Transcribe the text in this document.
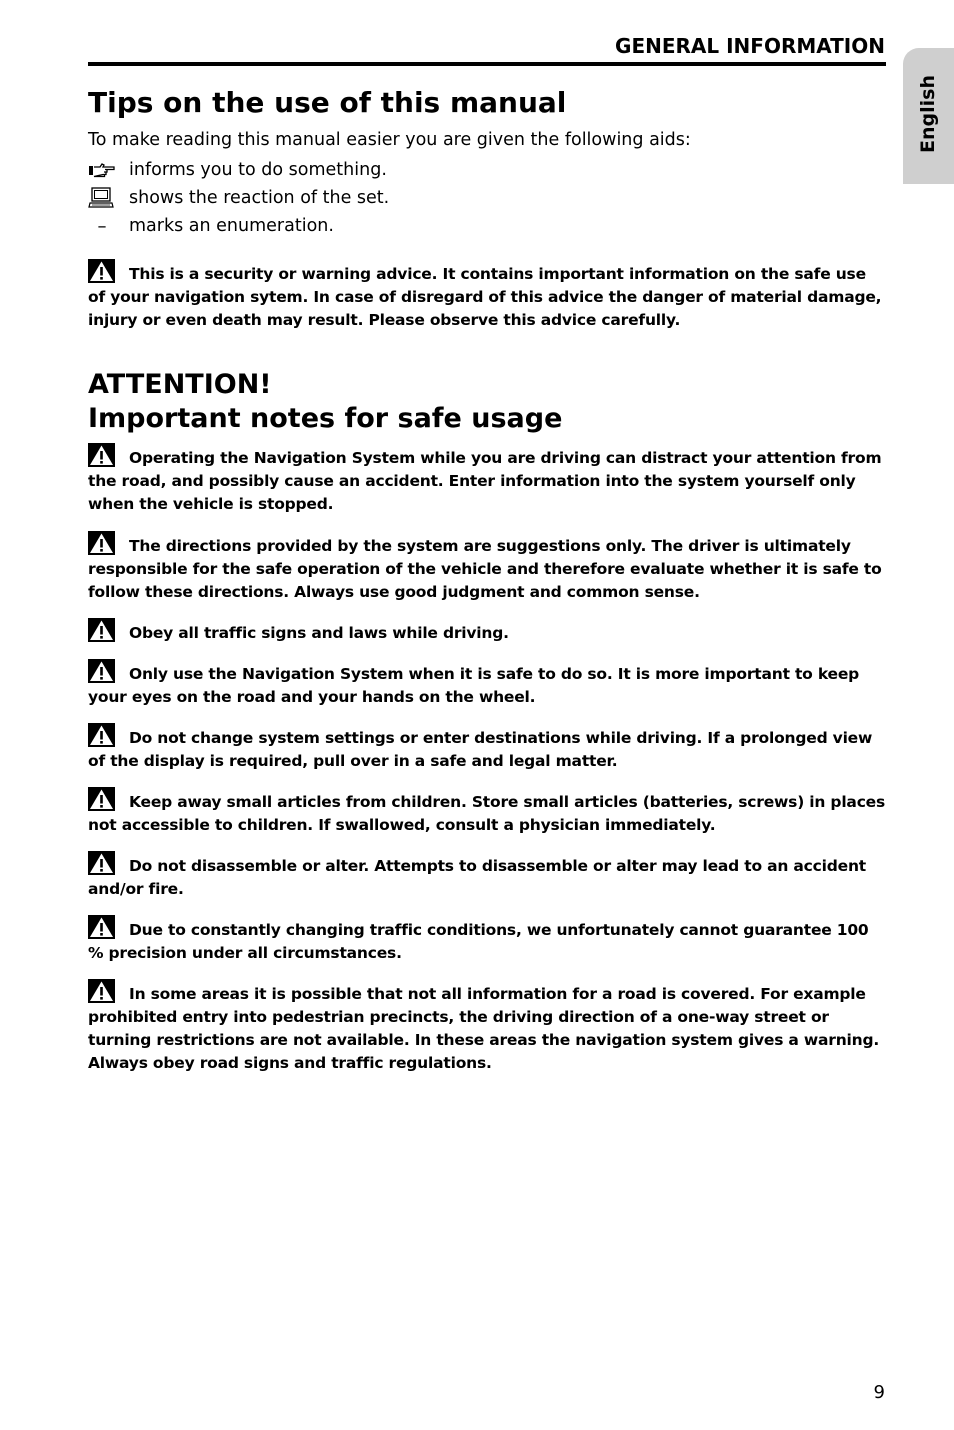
GENERAL INFORMATION
English
Tips on the use of this manual

To make reading this manual easier you are given the following aids:

informs you to do something.
shows the reaction of the set.
–	marks an enumeration.

This is a security or warning advice. It contains important information on the safe use of your navigation sytem. In case of disregard of this advice the danger of material damage, injury or even death may result. Please observe this advice carefully.

ATTENTION!
Important notes for safe usage

Operating the Navigation System while you are driving can distract your attention from the road, and possibly cause an accident. Enter information into the system yourself only when the vehicle is stopped.

The directions provided by the system are suggestions only. The driver is ultimately responsible for the safe operation of the vehicle and therefore evaluate whether it is safe to follow these directions. Always use good judgment and common sense.

Obey all traffic signs and laws while driving.

Only use the Navigation System when it is safe to do so. It is more important to keep your eyes on the road and your hands on the wheel.

Do not change system settings or enter destinations while driving. If a prolonged view of the display is required, pull over in a safe and legal matter.

Keep away small articles from children. Store small articles (batteries, screws) in places not accessible to children. If swallowed, consult a physician immediately.

Do not disassemble or alter. Attempts to disassemble or alter may lead to an accident and/or fire.

Due to constantly changing traffic conditions, we unfortunately cannot guarantee 100 % precision under all circumstances.

In some areas it is possible that not all information for a road is covered. For example prohibited entry into pedestrian precincts, the driving direction of a one-way street or turning restrictions are not available. In these areas the navigation system gives a warning. Always obey road signs and traffic regulations.

9
